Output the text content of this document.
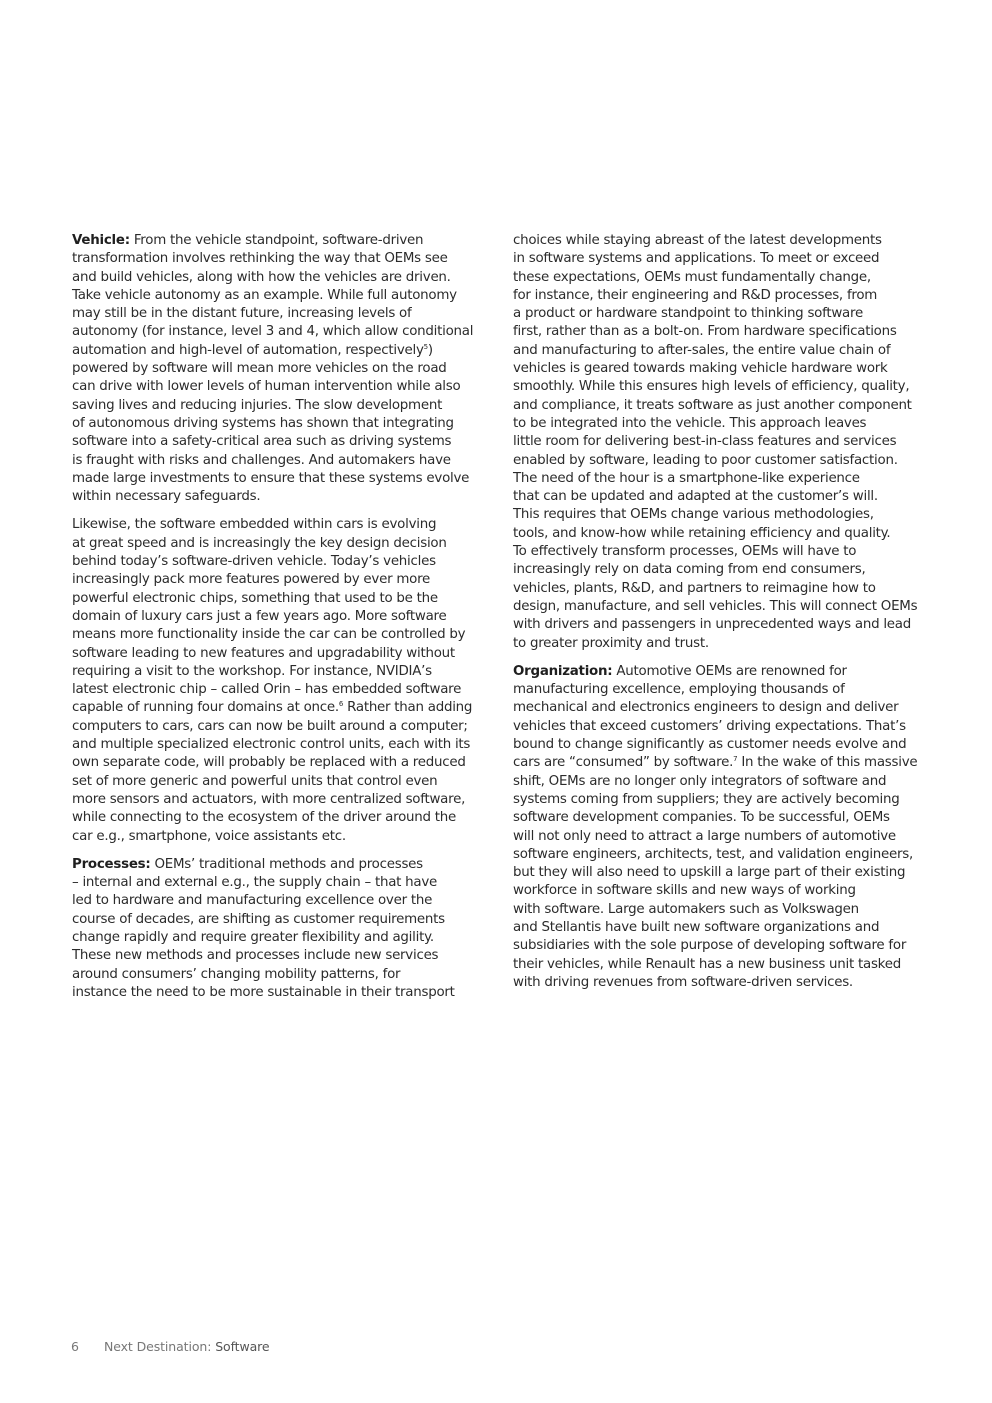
Vehicle: From the vehicle standpoint, software-driven
transformation involves rethinking the way that OEMs see
and build vehicles, along with how the vehicles are driven.
Take vehicle autonomy as an example. While full autonomy
may still be in the distant future, increasing levels of
autonomy (for instance, level 3 and 4, which allow conditional
automation and high-level of automation, respectively$^5$)
powered by software will mean more vehicles on the road
can drive with lower levels of human intervention while also
saving lives and reducing injuries. The slow development
of autonomous driving systems has shown that integrating
software into a safety-critical area such as driving systems
is fraught with risks and challenges. And automakers have
made large investments to ensure that these systems evolve
within necessary safeguards.

Likewise, the software embedded within cars is evolving
at great speed and is increasingly the key design decision
behind today’s software-driven vehicle. Today’s vehicles
increasingly pack more features powered by ever more
powerful electronic chips, something that used to be the
domain of luxury cars just a few years ago. More software
means more functionality inside the car can be controlled by
software leading to new features and upgradability without
requiring a visit to the workshop. For instance, NVIDIA’s
latest electronic chip – called Orin – has embedded software
capable of running four domains at once.$^6$ Rather than adding
computers to cars, cars can now be built around a computer;
and multiple specialized electronic control units, each with its
own separate code, will probably be replaced with a reduced
set of more generic and powerful units that control even
more sensors and actuators, with more centralized software,
while connecting to the ecosystem of the driver around the
car e.g., smartphone, voice assistants etc.

Processes: OEMs’ traditional methods and processes
– internal and external e.g., the supply chain – that have
led to hardware and manufacturing excellence over the
course of decades, are shifting as customer requirements
change rapidly and require greater flexibility and agility.
These new methods and processes include new services
around consumers’ changing mobility patterns, for
instance the need to be more sustainable in their transport

choices while staying abreast of the latest developments
in software systems and applications. To meet or exceed
these expectations, OEMs must fundamentally change,
for instance, their engineering and R&D processes, from
a product or hardware standpoint to thinking software
first, rather than as a bolt-on. From hardware specifications
and manufacturing to after-sales, the entire value chain of
vehicles is geared towards making vehicle hardware work
smoothly. While this ensures high levels of efficiency, quality,
and compliance, it treats software as just another component
to be integrated into the vehicle. This approach leaves
little room for delivering best-in-class features and services
enabled by software, leading to poor customer satisfaction.
The need of the hour is a smartphone-like experience
that can be updated and adapted at the customer’s will.
This requires that OEMs change various methodologies,
tools, and know-how while retaining efficiency and quality.
To effectively transform processes, OEMs will have to
increasingly rely on data coming from end consumers,
vehicles, plants, R&D, and partners to reimagine how to
design, manufacture, and sell vehicles. This will connect OEMs
with drivers and passengers in unprecedented ways and lead
to greater proximity and trust.

Organization: Automotive OEMs are renowned for
manufacturing excellence, employing thousands of
mechanical and electronics engineers to design and deliver
vehicles that exceed customers’ driving expectations. That’s
bound to change significantly as customer needs evolve and
cars are “consumed” by software.$^7$ In the wake of this massive
shift, OEMs are no longer only integrators of software and
systems coming from suppliers; they are actively becoming
software development companies. To be successful, OEMs
will not only need to attract a large numbers of automotive
software engineers, architects, test, and validation engineers,
but they will also need to upskill a large part of their existing
workforce in software skills and new ways of working
with software. Large automakers such as Volkswagen
and Stellantis have built new software organizations and
subsidiaries with the sole purpose of developing software for
their vehicles, while Renault has a new business unit tasked
with driving revenues from software-driven services.

6 Next Destination: Software
